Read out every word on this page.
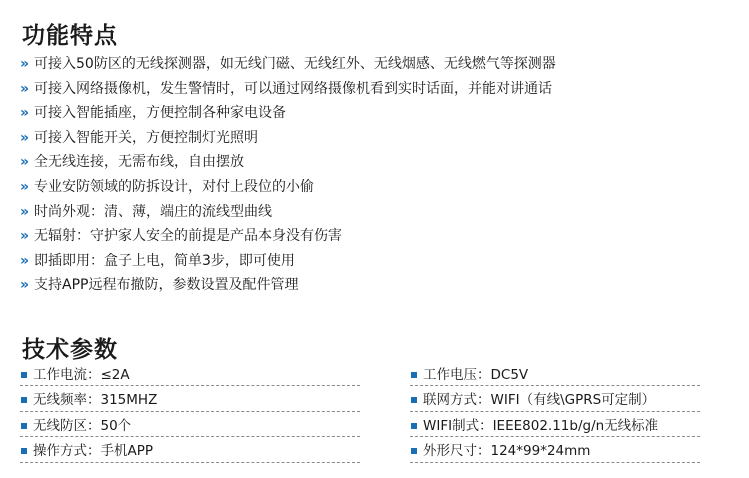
功能特点
» 可接入50防区的无线探测器，如无线门磁、无线红外、无线烟感、无线燃气等探测器
» 可接入网络摄像机，发生警情时，可以通过网络摄像机看到实时话面，并能对讲通话
» 可接入智能插座，方便控制各种家电设备
» 可接入智能开关，方便控制灯光照明
» 全无线连接，无需布线，自由摆放
» 专业安防领域的防拆设计，对付上段位的小偷
» 时尚外观：清、薄，端庄的流线型曲线
» 无辐射：守护家人安全的前提是产品本身没有伤害
» 即插即用：盒子上电，简单3步，即可使用
» 支持APP远程布撤防，参数设置及配件管理
技术参数
工作电流：≤2A	工作电压：DC5V
无线频率：315MHZ	联网方式：WIFI（有线\GPRS可定制）
无线防区：50个	WIFI制式：IEEE802.11b/g/n无线标准
操作方式：手机APP	外形尺寸：124*99*24mm
